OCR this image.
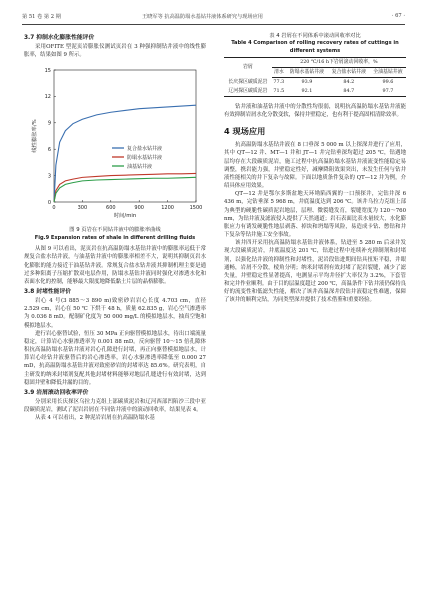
第 51 卷 第 2 期	王晓军等 抗高温防塌水基钻井液体系研究与现场应用	· 67 ·
3.7 抑制水化膨胀性能评价

采用OFITE 型泥页岩膨胀仪测试页岩在 3 种强抑制钻井液中的线性膨胀率，结果如图 9 所示。

0	300	600	900	1200	1500
0
3
6
9
12
15
时间/min
线性膨胀率/%	复合盐水钻井液
防塌水基钻井液
油基钻井液
图 9 页岩在不同钻井液中的膨胀率曲线
Fig.9 Expansion rates of shale in different drilling fluids

从图 9 可以看出，泥页岩在抗高温防塌水基钻井液中的膨胀率远低于常规复合盐水钻井液，与油基钻井液中的膨胀率相差不大，说明其抑制页岩水化膨胀的能力接近于油基钻井液。常规复合盐水钻井液其抑制机理主要是通过多种阳离子压缩扩散双电层作用，防塌水基钻井液同时强化对渗透水化和表面水化的控制，能够最大限度地降低黏土片层的晶格膨胀。

3.8 封堵性能评价

岩心 4 号(3 885～3 890 m)致密砂岩岩心长度 4.703 cm，直径 2.529 cm，岩心在 50 ℃ 下烘干 48 h，质量 62.835 g，岩心空气渗透率为 0.036 8 mD。配制矿化度为 50 000 mg/L 的模拟地层水，抽真空饱和模拟地层水。

进行岩心驱替试验，恒压 30 MPa 正向驱替模拟地层水，待出口端流量稳定，计算岩心水驱渗透率为 0.001 88 mD。反向驱替 10～15 倍孔隙体积抗高温防塌水基钻井液对岩心孔隙进行封堵，再正向驱替模拟地层水，计算岩心经钻井液驱替后的岩心渗透率，岩心水驱渗透率降低至 0.000 27 mD，抗高温防塌水基钻井液对致密砂岩的封堵率达 85.6%。研究表明，自主研发的纳米封堵剂复配其他封堵材料能够对地层孔缝进行有效封堵，达到稳固井壁和降低井漏的目的。

3.9 岩屑滚动回收率评价

分别采用长庆探区乌拉力克组上部碳质泥岩和辽河西部凹陷沙三段中亚段碳质泥岩，测试了泥岩岩屑在不同钻井液中的滚动回收率，结果见表 4。

从表 4 可以看出，2 种泥岩岩屑在抗高温防塌水基

表 4 岩屑在不同体系中滚动回收率对比
Table 4 Comparison of rolling recovery rates of cuttings in different systems
岩屑	220 ℃/16 h下岩屑滚动回收率，%			
	清水	防塌水基钻井液	复合盐水钻井液	全油基钻井液
长庆探区碳质泥岩	77.3	93.9	84.2	99.6
辽河探区碳质泥岩	71.5	92.1	84.7	97.7

钻井液和油基钻井液中的分散性均很弱，说明抗高温防塌水基钻井液能有效抑制岩屑水化分散变软，保持井壁稳定，也有利于提高固相清除效率。

4 现场应用

抗高温防塌水基钻井液在 8 口垂深 5 000 m 以上探深井进行了应用，其中 QT—12 井、MT—1 井和 JT—1 井完钻垂深均超过 205 ℃，钻遇地层均存在大段碳质泥岩，施工过程中抗高温防塌水基钻井液流变性能稳定易调整，携岩能力强，井壁稳定性好，减摩降阻效果突出，未发生任何与钻井液性能相关的井下复杂与故障。下面以地质条件复杂的 QT—12 井为例，介绍具体应用效果。

QT—12 井是鄂尔多斯盆地天环坳陷西翼的一口预探井，完钻井深 6 436 m，完钻垂深 5 968 m，井底温度达到 206 ℃。该井乌拉力克组上部为典型的硬脆性碳质泥岩地层，层理、微裂缝发育，裂缝宽度为 120～760 nm，为钻井液及滤液侵入提供了天然通道；岩石表面比表水量较大，水化膨胀应力有诱发硬脆性地层剥落、掉块和坍塌等风险，易造成卡钻、憋钻和井下复杂等钻井施工安全事故。

该井四开采用抗高温防塌水基钻井液体系，钻进至 5 280 m 后录井发现大段碳质泥岩，井底温度达 201 ℃，钻进过程中连续补充抑制剂和封堵剂，以强化钻井液的抑制性和封堵性，泥岩段钻进期间钻具扭矩平稳，井眼通畅，岩屑不分散，棱角分明；纳米封堵剂有效封堵了泥岩裂缝，减少了滤失量，井壁稳定性显著提高，电测显示平均井径扩大率仅为 3.2%，下套管和完井作业顺利。由于目的层温度超过 200 ℃，高温条件下钻井液仍保持良好的流变性和低滤失性能，解决了该井高温深井段钻井液稳定性难题，保障了该井的顺利完钻，为同类型深井提供了技术借鉴和重要经验。
